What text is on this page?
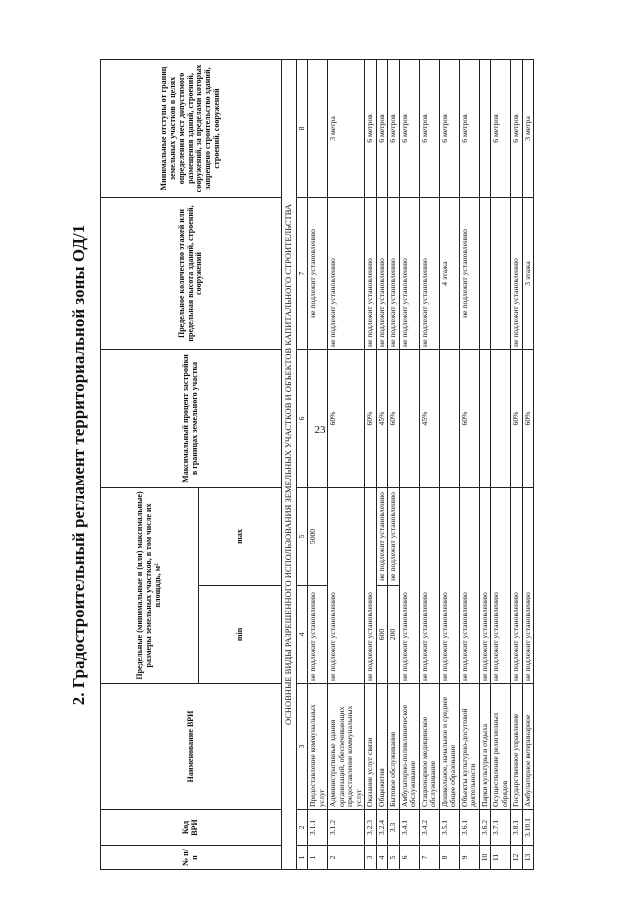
23
2. Градостроительный регламент территориальной зоны ОД/1
№ п/п	Код ВРИ	Наименование ВРИ	Предельные (минимальные и (или) максимальные) размеры земельных участков, в том числе их площадь, м²		Максимальный процент застройки в границах земельного участка	Предельное количество этажей или предельная высота зданий, строений, сооружений	Минимальные отступы от границ земельных участков в целях определения мест допустимого размещения зданий, строений, сооружений, за пределами которых запрещено строительство зданий, строений, сооружений
			min	max			
ОСНОВНЫЕ ВИДЫ РАЗРЕШЕННОГО ИСПОЛЬЗОВАНИЯ ЗЕМЕЛЬНЫХ УЧАСТКОВ И ОБЪЕКТОВ КАПИТАЛЬНОГО СТРОИТЕЛЬСТВА							
1	2	3	4	5	6	7	8
1	3.1.1	Предоставление коммунальных услуг	не подлежит установлению	5000		не подлежит установлению	
2	3.1.2	Административные здания организаций, обеспечивающих предоставление коммунальных услуг	не подлежит установлению		60%	не подлежит установлению	3 метра
3	3.2.3	Оказание услуг связи	не подлежит установлению		60%	не подлежит установлению	6 метров
4	3.2.4	Общежития	600	не подлежит установлению	45%	не подлежит установлению	6 метров
5	3.3	Бытовое обслуживание	200	не подлежит установлению	60%	не подлежит установлению	6 метров
6	3.4.1	Амбулаторно-поликлиническое обслуживание	не подлежит установлению			не подлежит установлению	6 метров
7	3.4.2	Стационарное медицинское обслуживание	не подлежит установлению		45%	не подлежит установлению	6 метров
8	3.5.1	Дошкольное, начальное и среднее общее образование	не подлежит установлению			4 этажа	6 метров
9	3.6.1	Объекты культурно-досуговой деятельности	не подлежит установлению		60%	не подлежит установлению	6 метров
10	3.6.2	Парки культуры и отдыха	не подлежит установлению				
11	3.7.1	Осуществление религиозных обрядов	не подлежит установлению				6 метров
12	3.8.1	Государственное управление	не подлежит установлению		60%	не подлежит установлению	6 метров
13	3.10.1	Амбулаторное ветеринарное	не подлежит установлению		60%	3 этажа	3 метра
